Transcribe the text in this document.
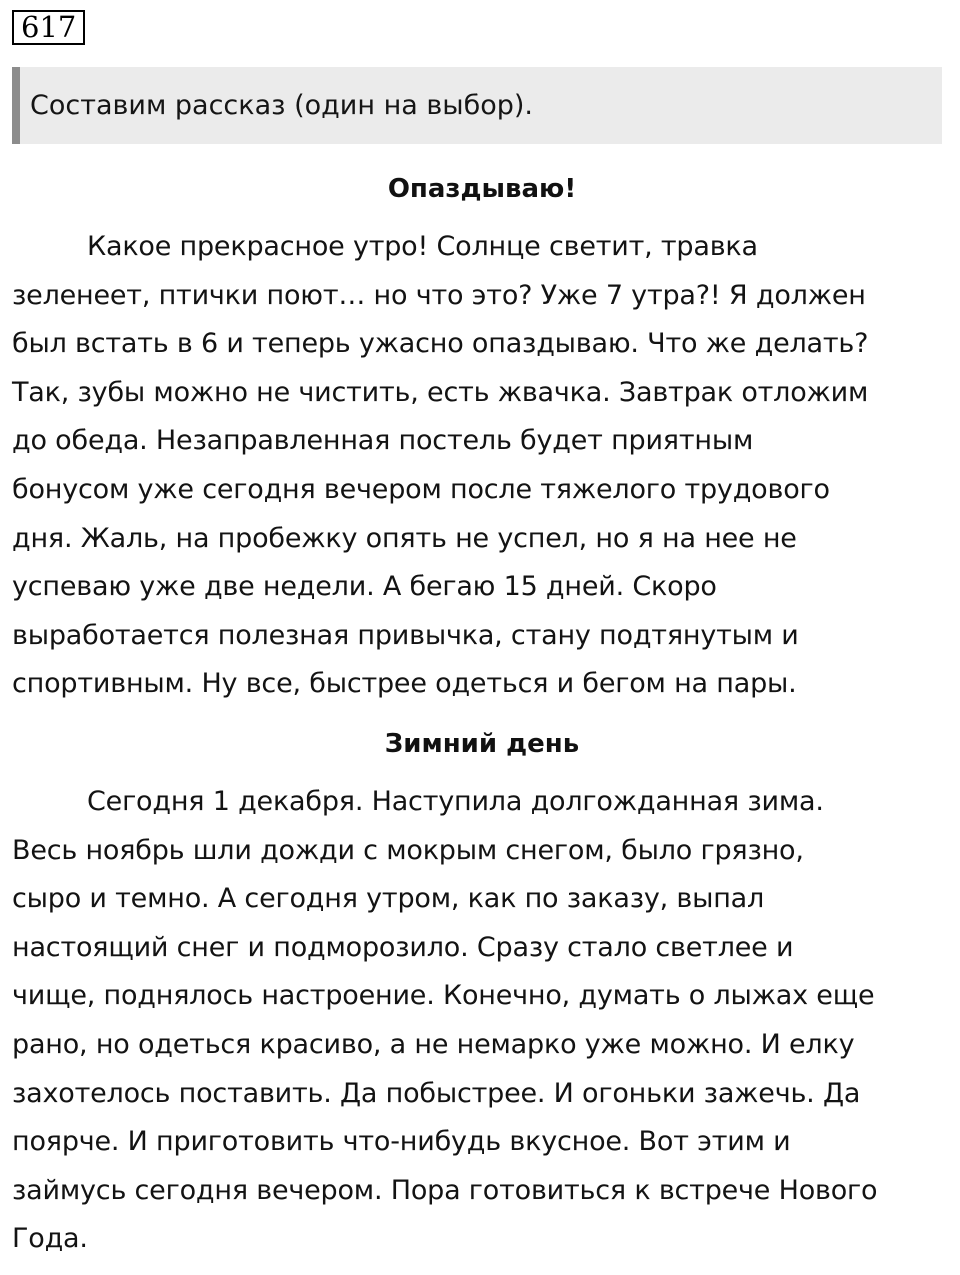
617
Составим рассказ (один на выбор).
Опаздываю!
Какое прекрасное утро! Солнце светит, травка
зеленеет, птички поют… но что это? Уже 7 утра?! Я должен
был встать в 6 и теперь ужасно опаздываю. Что же делать?
Так, зубы можно не чистить, есть жвачка. Завтрак отложим
до обеда. Незаправленная постель будет приятным
бонусом уже сегодня вечером после тяжелого трудового
дня. Жаль, на пробежку опять не успел, но я на нее не
успеваю уже две недели. А бегаю 15 дней. Скоро
выработается полезная привычка, стану подтянутым и
спортивным. Ну все, быстрее одеться и бегом на пары.
Зимний день
Сегодня 1 декабря. Наступила долгожданная зима.
Весь ноябрь шли дожди с мокрым снегом, было грязно,
сыро и темно. А сегодня утром, как по заказу, выпал
настоящий снег и подморозило. Сразу стало светлее и
чище, поднялось настроение. Конечно, думать о лыжах еще
рано, но одеться красиво, а не немарко уже можно. И елку
захотелось поставить. Да побыстрее. И огоньки зажечь. Да
поярче. И приготовить что-нибудь вкусное. Вот этим и
займусь сегодня вечером. Пора готовиться к встрече Нового
Года.
